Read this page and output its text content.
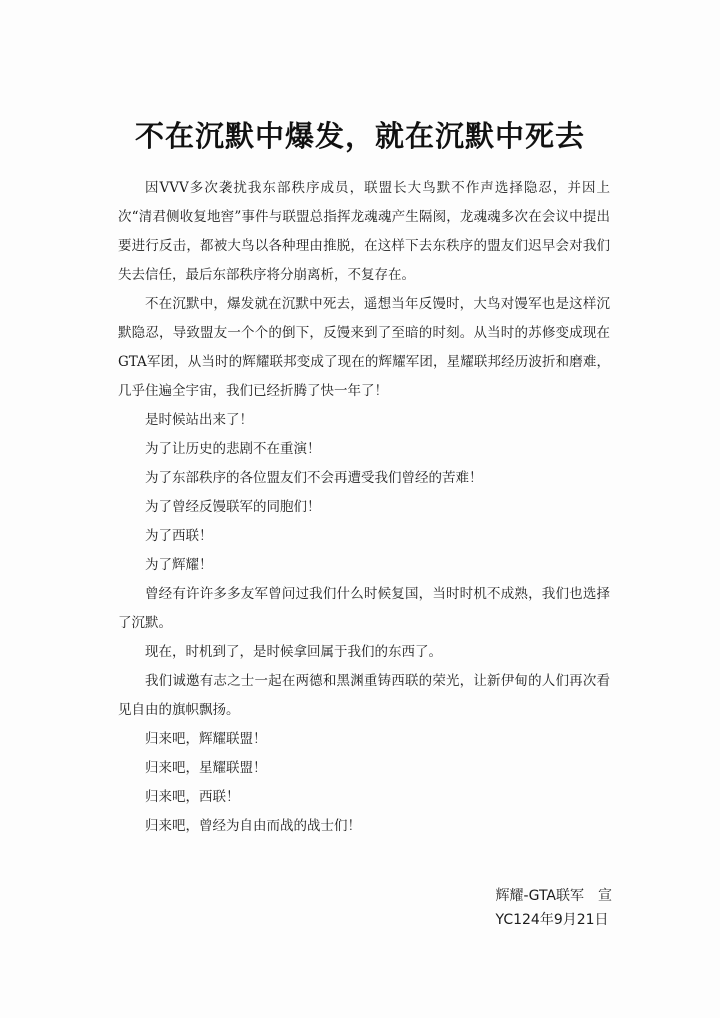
不在沉默中爆发，就在沉默中死去

因VVV多次袭扰我东部秩序成员，联盟长大鸟默不作声选择隐忍，并因上次“清君侧收复地窖”事件与联盟总指挥龙魂魂产生隔阂，龙魂魂多次在会议中提出要进行反击，都被大鸟以各种理由推脱，在这样下去东秩序的盟友们迟早会对我们失去信任，最后东部秩序将分崩离析，不复存在。

不在沉默中，爆发就在沉默中死去，遥想当年反馒时，大鸟对馒军也是这样沉默隐忍，导致盟友一个个的倒下，反馒来到了至暗的时刻。从当时的苏修变成现在GTA军团，从当时的辉耀联邦变成了现在的辉耀军团，星耀联邦经历波折和磨难，几乎住遍全宇宙，我们已经折腾了快一年了！

是时候站出来了！

为了让历史的悲剧不在重演！

为了东部秩序的各位盟友们不会再遭受我们曾经的苦难！

为了曾经反馒联军的同胞们！

为了西联！

为了辉耀！

曾经有许许多多友军曾问过我们什么时候复国，当时时机不成熟，我们也选择了沉默。

现在，时机到了，是时候拿回属于我们的东西了。

我们诚邀有志之士一起在两德和黑渊重铸西联的荣光，让新伊甸的人们再次看见自由的旗帜飘扬。

归来吧，辉耀联盟！

归来吧，星耀联盟！

归来吧，西联！

归来吧，曾经为自由而战的战士们！

辉耀-GTA联军　宣
YC124年9月21日
